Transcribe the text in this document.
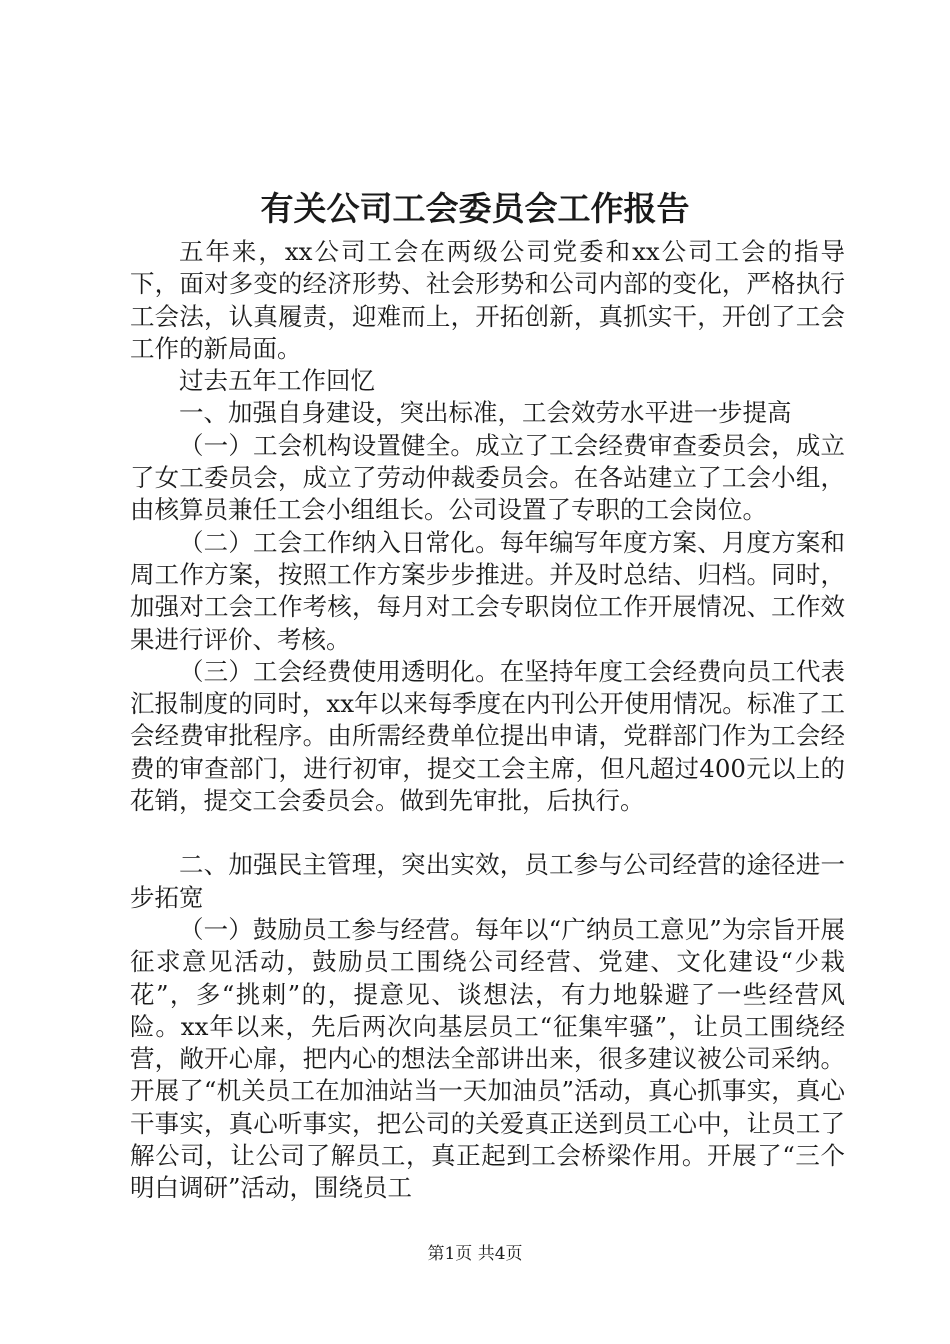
有关公司工会委员会工作报告

五年来，xx公司工会在两级公司党委和xx公司工会的指导下，面对多变的经济形势、社会形势和公司内部的变化，严格执行工会法，认真履责，迎难而上，开拓创新，真抓实干，开创了工会工作的新局面。

过去五年工作回忆

一、加强自身建设，突出标准，工会效劳水平进一步提高

（一）工会机构设置健全。成立了工会经费审查委员会，成立了女工委员会，成立了劳动仲裁委员会。在各站建立了工会小组，由核算员兼任工会小组组长。公司设置了专职的工会岗位。

（二）工会工作纳入日常化。每年编写年度方案、月度方案和周工作方案，按照工作方案步步推进。并及时总结、归档。同时，加强对工会工作考核，每月对工会专职岗位工作开展情况、工作效果进行评价、考核。

（三）工会经费使用透明化。在坚持年度工会经费向员工代表汇报制度的同时，xx年以来每季度在内刊公开使用情况。标准了工会经费审批程序。由所需经费单位提出申请，党群部门作为工会经费的审查部门，进行初审，提交工会主席，但凡超过400元以上的花销，提交工会委员会。做到先审批，后执行。

二、加强民主管理，突出实效，员工参与公司经营的途径进一步拓宽

（一）鼓励员工参与经营。每年以“广纳员工意见”为宗旨开展征求意见活动，鼓励员工围绕公司经营、党建、文化建设“少栽花”，多“挑刺”的，提意见、谈想法，有力地躲避了一些经营风险。xx年以来，先后两次向基层员工“征集牢骚”，让员工围绕经营，敞开心扉，把内心的想法全部讲出来，很多建议被公司采纳。开展了“机关员工在加油站当一天加油员”活动，真心抓事实，真心干事实，真心听事实，把公司的关爱真正送到员工心中，让员工了解公司，让公司了解员工，真正起到工会桥梁作用。开展了“三个明白调研”活动，围绕员工

第1页 共4页
